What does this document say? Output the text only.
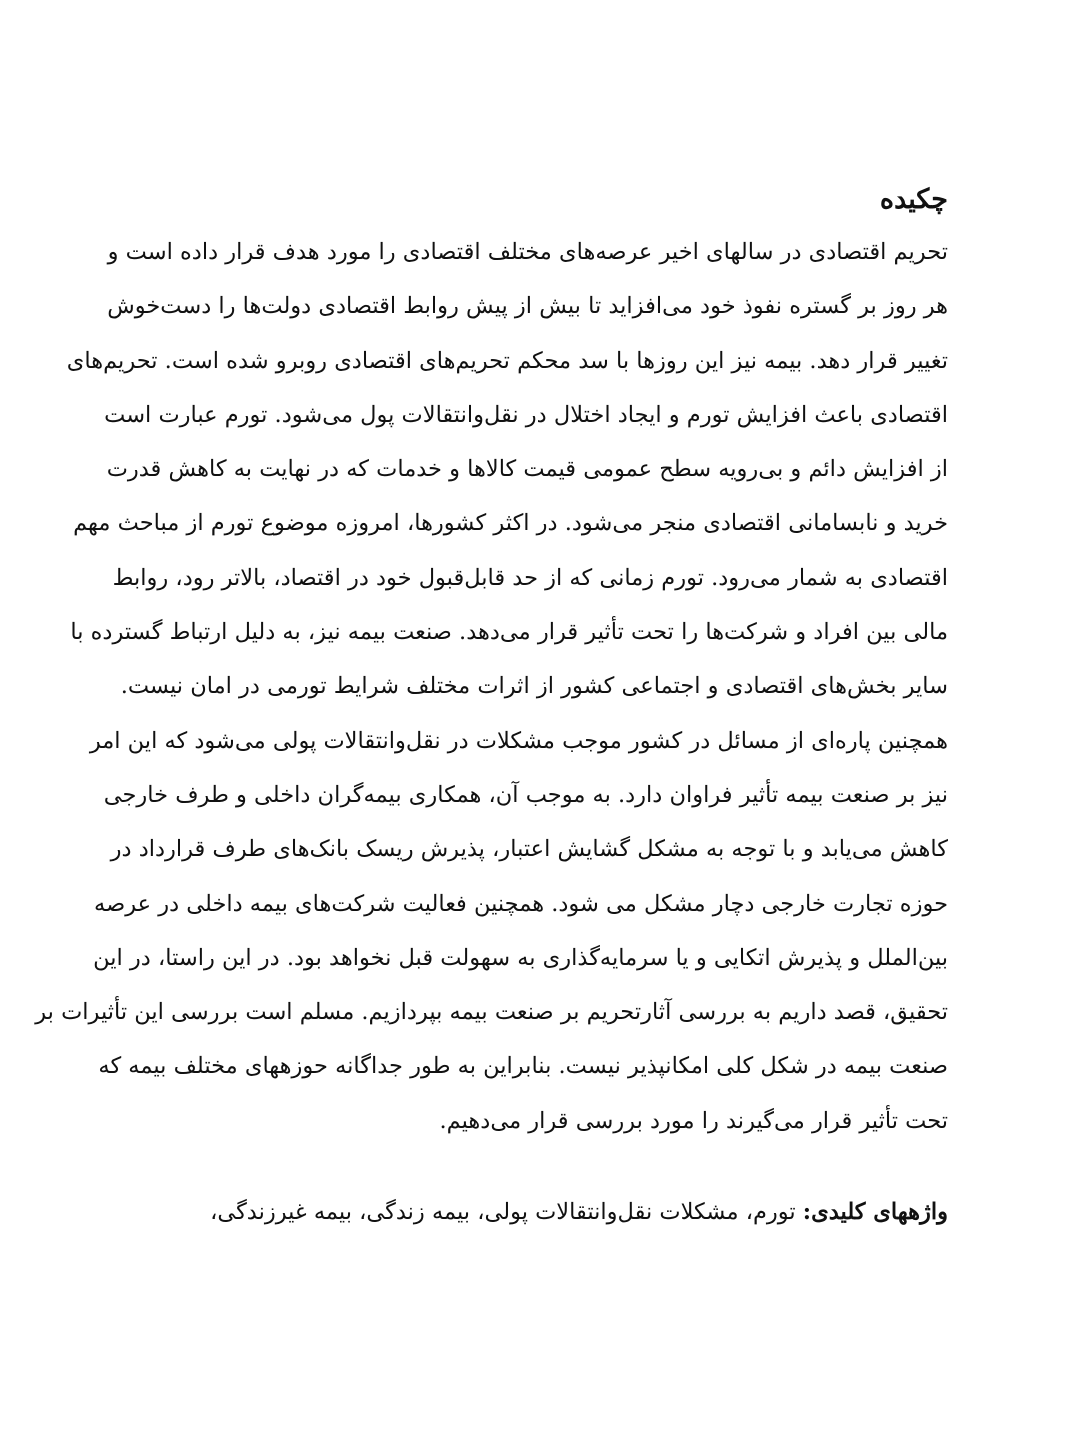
چکیده
تحریم اقتصادی در سالهای اخیر عرصه‌های مختلف اقتصادی را مورد هدف قرار داده است و
هر روز بر گستره نفوذ خود می‌افزاید تا بیش از پیش روابط اقتصادی دولت‌ها را دست‌خوش
تغییر قرار دهد. بیمه نیز این روزها با سد محکم تحریم‌های اقتصادی روبرو شده است. تحریم‌های
اقتصادی باعث افزایش تورم و ایجاد اختلال در نقل‌وانتقالات پول می‌شود. تورم عبارت است
از افزایش دائم و بی‌رویه سطح عمومی قیمت کالاها و خدمات که در نهایت به کاهش قدرت
خرید و نابسامانی اقتصادی منجر می‌شود. در اکثر کشورها، امروزه موضوع تورم از مباحث مهم
اقتصادی به شمار می‌رود. تورم زمانی که از حد قابل‌قبول خود در اقتصاد، بالاتر رود، روابط
مالی بین افراد و شرکت‌ها را تحت تأثیر قرار می‌دهد. صنعت بیمه نیز، به دلیل ارتباط گسترده با
سایر بخش‌های اقتصادی و اجتماعی کشور از اثرات مختلف شرایط تورمی در امان نیست.
همچنین پاره‌ای از مسائل در کشور موجب مشکلات در نقل‌وانتقالات پولی می‌شود که این امر
نیز بر صنعت بیمه تأثیر فراوان دارد. به موجب آن، همکاری بیمه‌گران داخلی و طرف خارجی
کاهش می‌یابد و با توجه به مشکل گشایش اعتبار، پذیرش ریسک بانک‌های طرف قرارداد در
حوزه تجارت خارجی دچار مشکل می شود. همچنین فعالیت شرکت‌های بیمه داخلی در عرصه
بین‌الملل و پذیرش اتکایی و یا سرمایه‌گذاری به سهولت قبل نخواهد بود. در این راستا، در این
تحقیق، قصد داریم به بررسی آثارتحریم بر صنعت بیمه بپردازیم. مسلم است بررسی این تأثیرات بر
صنعت بیمه در شکل کلی امکانپذیر نیست. بنابراین به طور جداگانه حوزههای مختلف بیمه که
تحت تأثیر قرار می‌گیرند را مورد بررسی قرار می‌دهیم.

واژههای کلیدی: تورم، مشکلات نقل‌وانتقالات پولی، بیمه زندگی، بیمه غیرزندگی،
